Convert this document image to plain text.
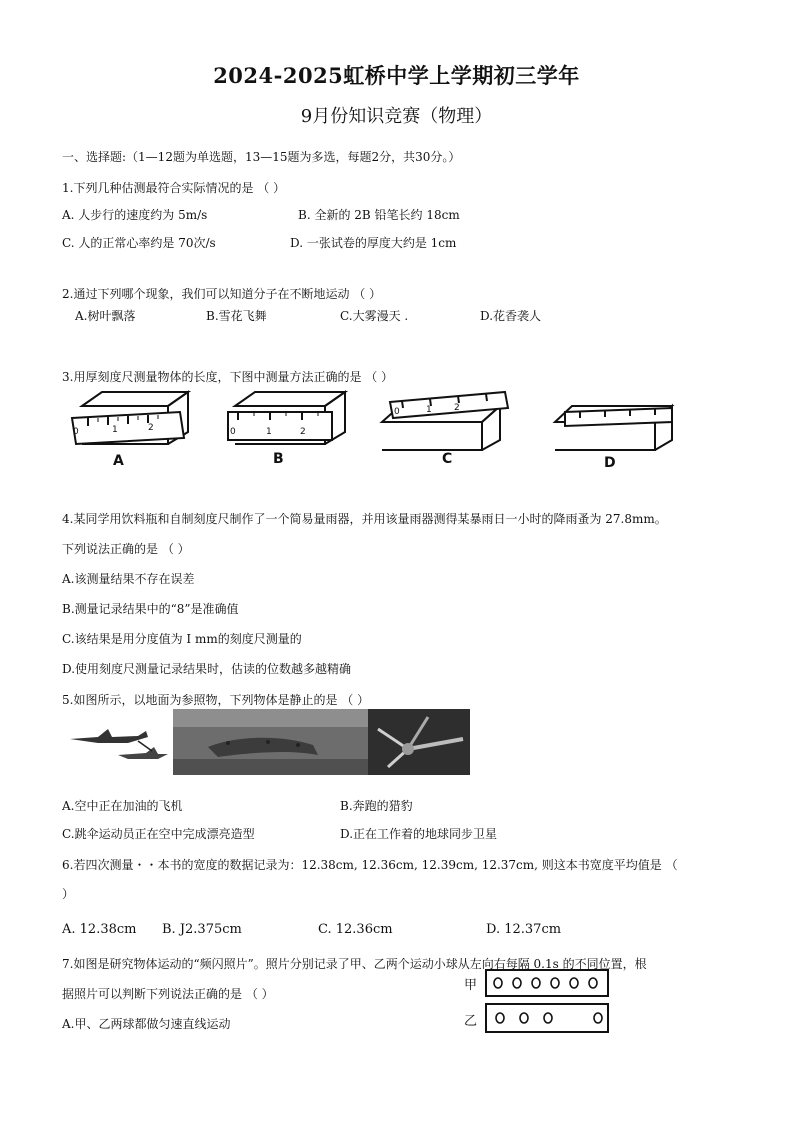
2024-2025虹桥中学上学期初三学年
9月份知识竞赛（物理）
一、选择题:（1—12题为单选题，13—15题为多选，每题2分，共30分。）
1.下列几种估测最符合实际情况的是 （ ）
A. 人步行的速度约为 5m/s	B. 全新的 2B 铅笔长约 18cm
C. 人的正常心率约是 70次/s	D. 一张试卷的厚度大约是 1cm
2.通过下列哪个现象，我们可以知道分子在不断地运动 （ ）
A.树叶飘落	B.雪花飞舞	C.大雾漫天 .	D.花香袭人
3.用厚刻度尺测量物体的长度，下图中测量方法正确的是 （ ）
0	1	2	0	1	2
0	1 2
A	B	C	D
4.某同学用饮料瓶和自制刻度尺制作了一个简易量雨器，并用该量雨器测得某暴雨日一小时的降雨蚤为 27.8mm。
下列说法正确的是 （ ）
A.该测量结果不存在误差
B.测量记录结果中的“8”是准确值
C.该结果是用分度值为 I mm的刻度尺测量的
D.使用刻度尺测量记录结果时，估读的位数越多越精确
5.如图所示，以地面为参照物，下列物体是静止的是 （ ）
A.空中正在加油的飞机	B.奔跑的猎豹
C.跳伞运动员正在空中完成漂亮造型	D.正在工作着的地球同步卫星
6.若四次测量・・本书的宽度的数据记录为：12.38cm, 12.36cm, 12.39cm, 12.37cm, 则这本书宽度平均值是 （
）
A. 12.38cm B. J2.375cm	C. 12.36cm	D. 12.37cm
7.如图是研究物体运动的“频闪照片”。照片分别记录了甲、乙两个运动小球从左向右每隔 0.1s 的不同位置，根
据照片可以判断下列说法正确的是 （ ）
A.甲、乙两球都做匀速直线运动
甲
乙
